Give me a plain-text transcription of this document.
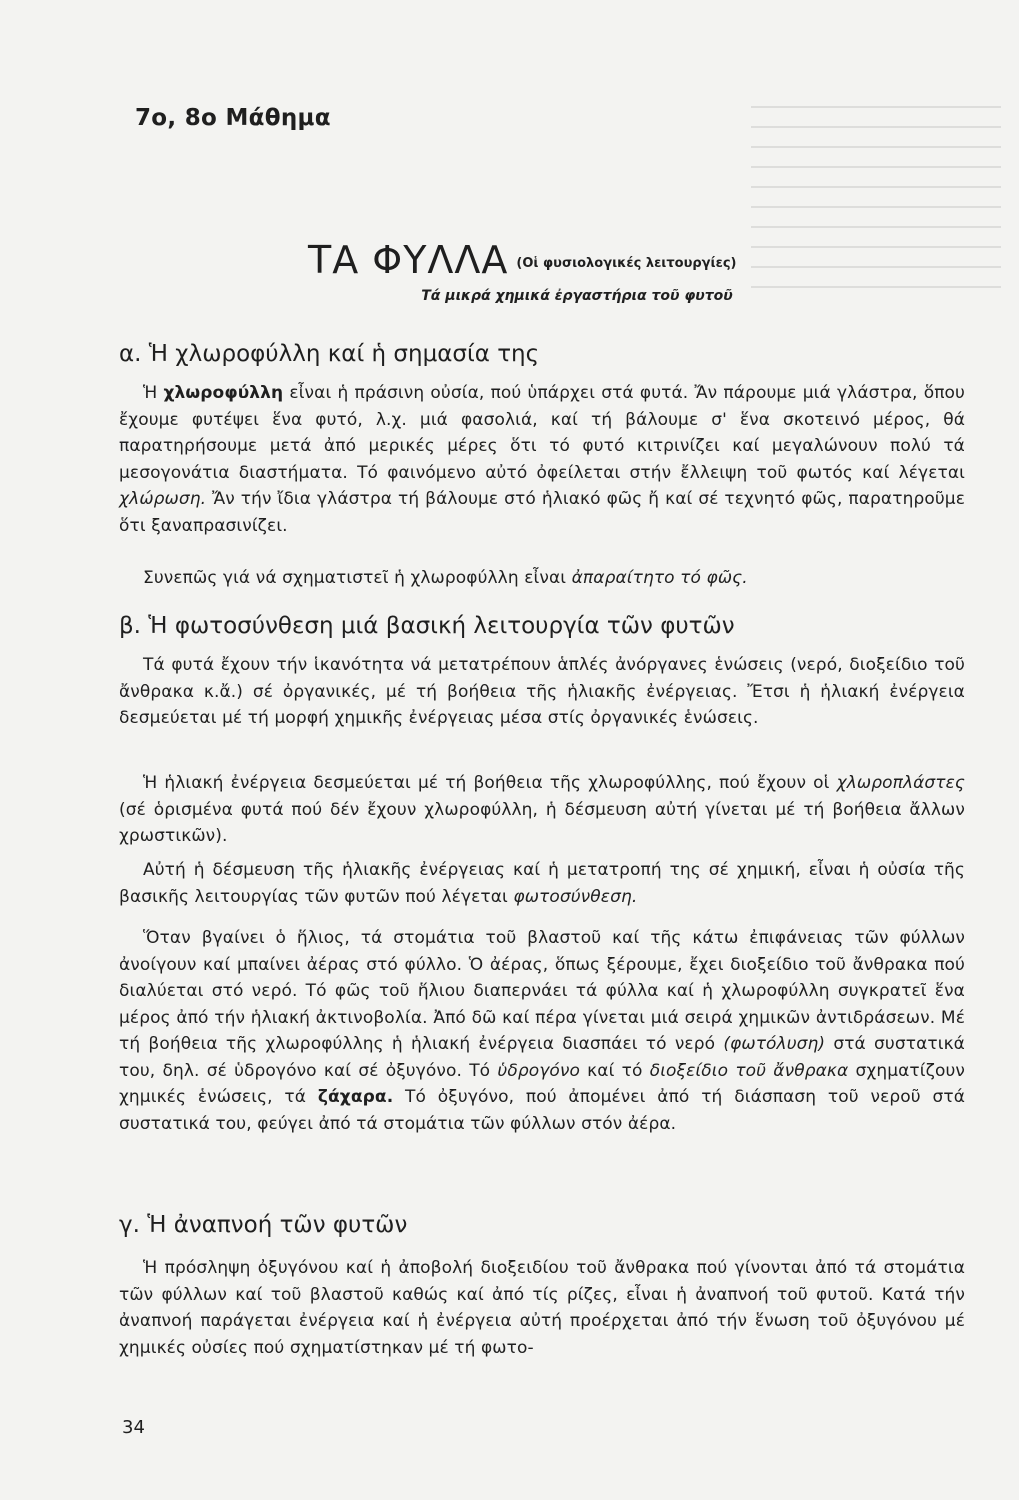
7ο, 8ο Μάθημα
ΤΑ ΦΥΛΛΑ $^{(Oἱ \varphi\upsilon\sigma\iota o\lambda o\gamma\iota\kappa έ\varsigma \lambda\varepsilon\iota\tau o\upsilon\rho\gamma ί\varepsilon\varsigma)}$
Τά μικρά χημικά ἐργαστήρια τοῦ φυτοῦ
α. Ἡ χλωροφύλλη καί ἡ σημασία της
Ἡ χλωροφύλλη εἶναι ἡ πράσινη οὐσία, πού ὑπάρχει στά φυτά. Ἄν πάρουμε μιά γλάστρα, ὅπου ἔχουμε φυτέψει ἕνα φυτό, λ.χ. μιά φασολιά, καί τή βάλουμε σ' ἕνα σκοτεινό μέρος, θά παρατηρήσουμε μετά ἀπό μερικές μέρες ὅτι τό φυτό κιτρινίζει καί μεγαλώνουν πολύ τά μεσογονάτια διαστήματα. Τό φαινόμενο αὐτό ὀφείλεται στήν ἔλλειψη τοῦ φωτός καί λέγεται χλώρωση. Ἄν τήν ἴδια γλάστρα τή βάλουμε στό ἡλιακό φῶς ἤ καί σέ τεχνητό φῶς, παρατηροῦμε ὅτι ξαναπρασινίζει.
Συνεπῶς γιά νά σχηματιστεῖ ἡ χλωροφύλλη εἶναι ἀπαραίτητο τό φῶς.
β. Ἡ φωτοσύνθεση μιά βασική λειτουργία τῶν φυτῶν
Τά φυτά ἔχουν τήν ἱκανότητα νά μετατρέπουν ἁπλές ἀνόργανες ἑνώσεις (νερό, διοξείδιο τοῦ ἄνθρακα κ.ἄ.) σέ ὀργανικές, μέ τή βοήθεια τῆς ἡλιακῆς ἐνέργειας. Ἔτσι ἡ ἡλιακή ἐνέργεια δεσμεύεται μέ τή μορφή χημικῆς ἐνέργειας μέσα στίς ὀργανικές ἑνώσεις.
Ἡ ἡλιακή ἐνέργεια δεσμεύεται μέ τή βοήθεια τῆς χλωροφύλλης, πού ἔχουν οἱ χλωροπλάστες (σέ ὁρισμένα φυτά πού δέν ἔχουν χλωροφύλλη, ἡ δέσμευση αὐτή γίνεται μέ τή βοήθεια ἄλλων χρωστικῶν).
Αὐτή ἡ δέσμευση τῆς ἡλιακῆς ἐνέργειας καί ἡ μετατροπή της σέ χημική, εἶναι ἡ οὐσία τῆς βασικῆς λειτουργίας τῶν φυτῶν πού λέγεται φωτοσύνθεση.
Ὅταν βγαίνει ὁ ἥλιος, τά στομάτια τοῦ βλαστοῦ καί τῆς κάτω ἐπιφάνειας τῶν φύλλων ἀνοίγουν καί μπαίνει ἀέρας στό φύλλο. Ὁ ἀέρας, ὅπως ξέρουμε, ἔχει διοξείδιο τοῦ ἄνθρακα πού διαλύεται στό νερό. Τό φῶς τοῦ ἥλιου διαπερνάει τά φύλλα καί ἡ χλωροφύλλη συγκρατεῖ ἕνα μέρος ἀπό τήν ἡλιακή ἀκτινοβολία. Ἀπό δῶ καί πέρα γίνεται μιά σειρά χημικῶν ἀντιδράσεων. Μέ τή βοήθεια τῆς χλωροφύλλης ἡ ἡλιακή ἐνέργεια διασπάει τό νερό (φωτόλυση) στά συστατικά του, δηλ. σέ ὑδρογόνο καί σέ ὀξυγόνο. Τό ὑδρογόνο καί τό διοξείδιο τοῦ ἄνθρακα σχηματίζουν χημικές ἑνώσεις, τά ζάχαρα. Τό ὀξυγόνο, πού ἀπομένει ἀπό τή διάσπαση τοῦ νεροῦ στά συστατικά του, φεύγει ἀπό τά στομάτια τῶν φύλλων στόν ἀέρα.
γ. Ἡ ἀναπνοή τῶν φυτῶν
Ἡ πρόσληψη ὀξυγόνου καί ἡ ἀποβολή διοξειδίου τοῦ ἄνθρακα πού γίνονται ἀπό τά στομάτια τῶν φύλλων καί τοῦ βλαστοῦ καθώς καί ἀπό τίς ρίζες, εἶναι ἡ ἀναπνοή τοῦ φυτοῦ. Κατά τήν ἀναπνοή παράγεται ἐνέργεια καί ἡ ἐνέργεια αὐτή προέρχεται ἀπό τήν ἕνωση τοῦ ὀξυγόνου μέ χημικές οὐσίες πού σχηματίστηκαν μέ τή φωτο-
34
